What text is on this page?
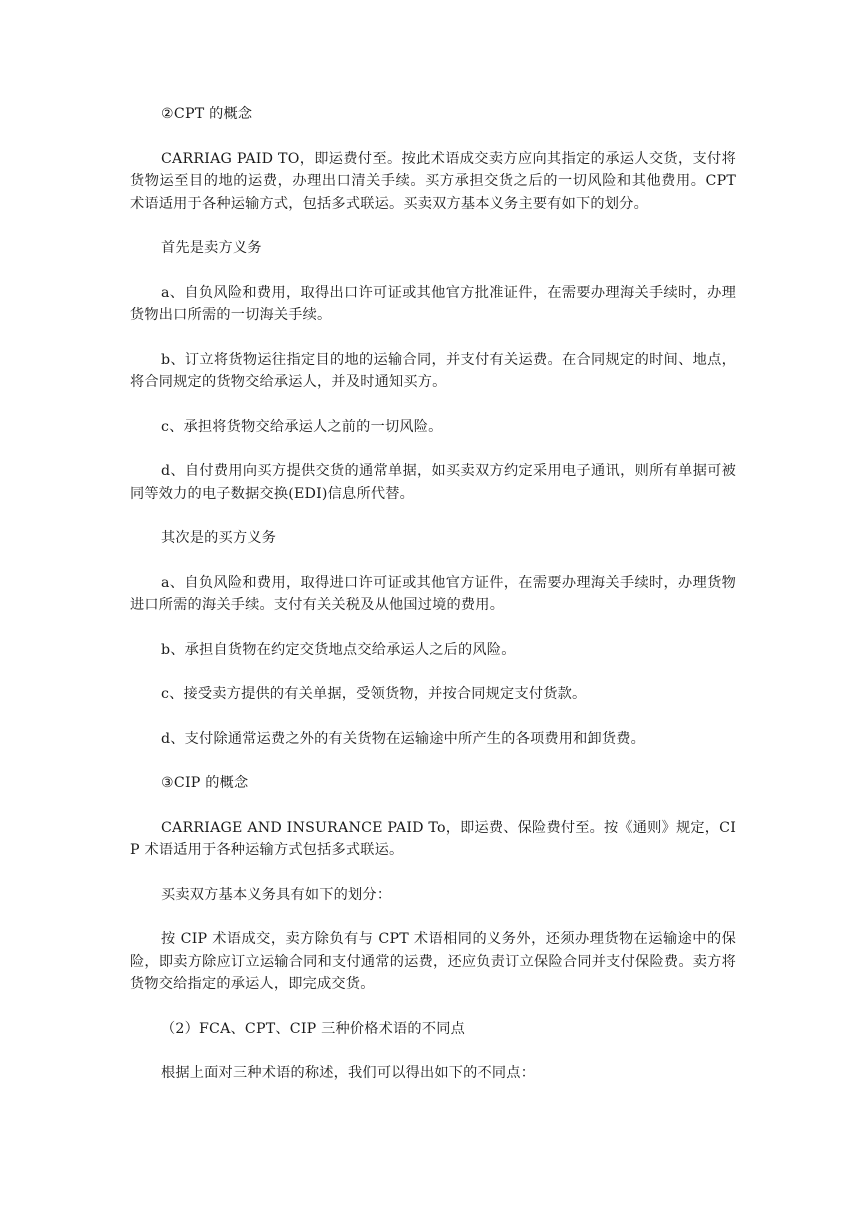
②CPT 的概念

CARRIAG PAID TO，即运费付至。按此术语成交卖方应向其指定的承运人交货，支付将货物运至目的地的运费，办理出口清关手续。买方承担交货之后的一切风险和其他费用。CPT 术语适用于各种运输方式，包括多式联运。买卖双方基本义务主要有如下的划分。

首先是卖方义务

a、自负风险和费用，取得出口许可证或其他官方批准证件，在需要办理海关手续时，办理货物出口所需的一切海关手续。

b、订立将货物运往指定目的地的运输合同，并支付有关运费。在合同规定的时间、地点，将合同规定的货物交给承运人，并及时通知买方。

c、承担将货物交给承运人之前的一切风险。

d、自付费用向买方提供交货的通常单据，如买卖双方约定采用电子通讯，则所有单据可被同等效力的电子数据交换(EDI)信息所代替。

其次是的买方义务

a、自负风险和费用，取得进口许可证或其他官方证件，在需要办理海关手续时，办理货物进口所需的海关手续。支付有关关税及从他国过境的费用。

b、承担自货物在约定交货地点交给承运人之后的风险。

c、接受卖方提供的有关单据，受领货物，并按合同规定支付货款。

d、支付除通常运费之外的有关货物在运输途中所产生的各项费用和卸货费。

③CIP 的概念

CARRIAGE AND INSURANCE PAID To，即运费、保险费付至。按《通则》规定，CIP 术语适用于各种运输方式包括多式联运。

买卖双方基本义务具有如下的划分：

按 CIP 术语成交，卖方除负有与 CPT 术语相同的义务外，还须办理货物在运输途中的保险，即卖方除应订立运输合同和支付通常的运费，还应负责订立保险合同并支付保险费。卖方将货物交给指定的承运人，即完成交货。

（2）FCA、CPT、CIP 三种价格术语的不同点

根据上面对三种术语的称述，我们可以得出如下的不同点：
